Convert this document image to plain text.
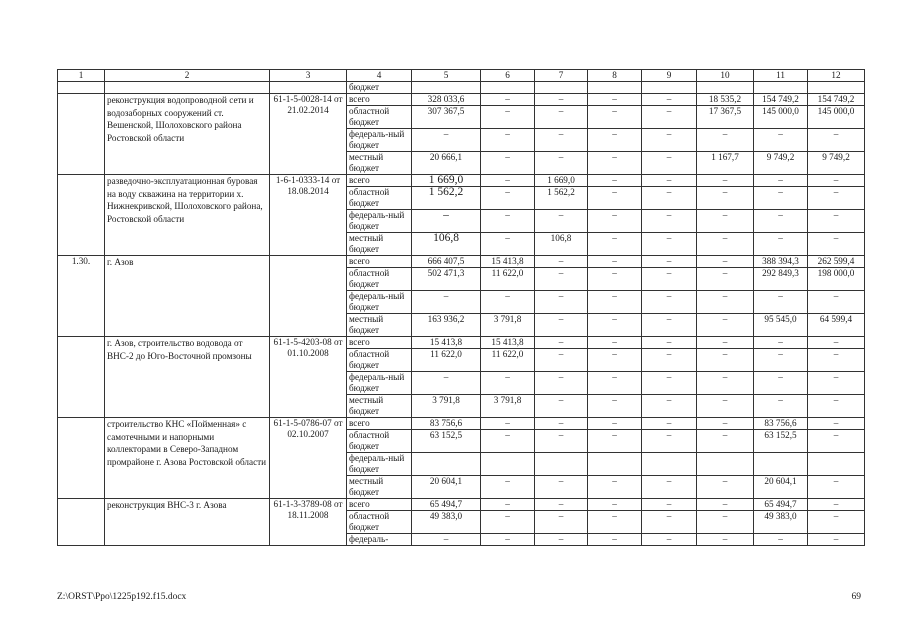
1	2	3	4	5	6	7	8	9	10	11	12
			бюджет								
	реконструкция водопроводной сети и водозаборных сооружений ст. Вешенской, Шолоховского района Ростовской области	61-1-5-0028-14 от 21.02.2014	всего	328 033,6	–	–	–	–	18 535,2	154 749,2	154 749,2
			областной бюджет	307 367,5	–	–	–	–	17 367,5	145 000,0	145 000,0
			федераль-ный бюджет	–	–	–	–	–	–	–	–
			местный бюджет	20 666,1	–	–	–	–	1 167,7	9 749,2	9 749,2
	разведочно-эксплуатационная буровая на воду скважина на территории х. Нижнекривской, Шолоховского района, Ростовской области	1-6-1-0333-14 от 18.08.2014	всего	1 669,0	–	1 669,0	–	–	–	–	–
			областной бюджет	1 562,2	–	1 562,2	–	–	–	–	–
			федераль-ный бюджет	–	–	–	–	–	–	–	–
			местный бюджет	106,8	–	106,8	–	–	–	–	–
1.30.	г. Азов		всего	666 407,5	15 413,8	–	–	–	–	388 394,3	262 599,4
			областной бюджет	502 471,3	11 622,0	–	–	–	–	292 849,3	198 000,0
			федераль-ный бюджет	–	–	–	–	–	–	–	–
			местный бюджет	163 936,2	3 791,8	–	–	–	–	95 545,0	64 599,4
	г. Азов, строительство водовода от ВНС-2 до Юго-Восточной промзоны	61-1-5-4203-08 от 01.10.2008	всего	15 413,8	15 413,8	–	–	–	–	–	–
			областной бюджет	11 622,0	11 622,0	–	–	–	–	–	–
			федераль-ный бюджет	–	–	–	–	–	–	–	–
			местный бюджет	3 791,8	3 791,8	–	–	–	–	–	–
	строительство КНС «Пойменная» с самотечными и напорными коллекторами в Северо-Западном промрайоне г. Азова Ростовской области	61-1-5-0786-07 от 02.10.2007	всего	83 756,6	–	–	–	–	–	83 756,6	–
			областной бюджет	63 152,5	–	–	–	–	–	63 152,5	–
			федераль-ный бюджет								
			местный бюджет	20 604,1	–	–	–	–	–	20 604,1	–
	реконструкция ВНС-3 г. Азова	61-1-3-3789-08 от 18.11.2008	всего	65 494,7	–	–	–	–	–	65 494,7	–
			областной бюджет	49 383,0	–	–	–	–	–	49 383,0	–
			федераль-	–	–	–	–	–	–	–	–
Z:\ORST\Ppo\1225p192.f15.docx	69
